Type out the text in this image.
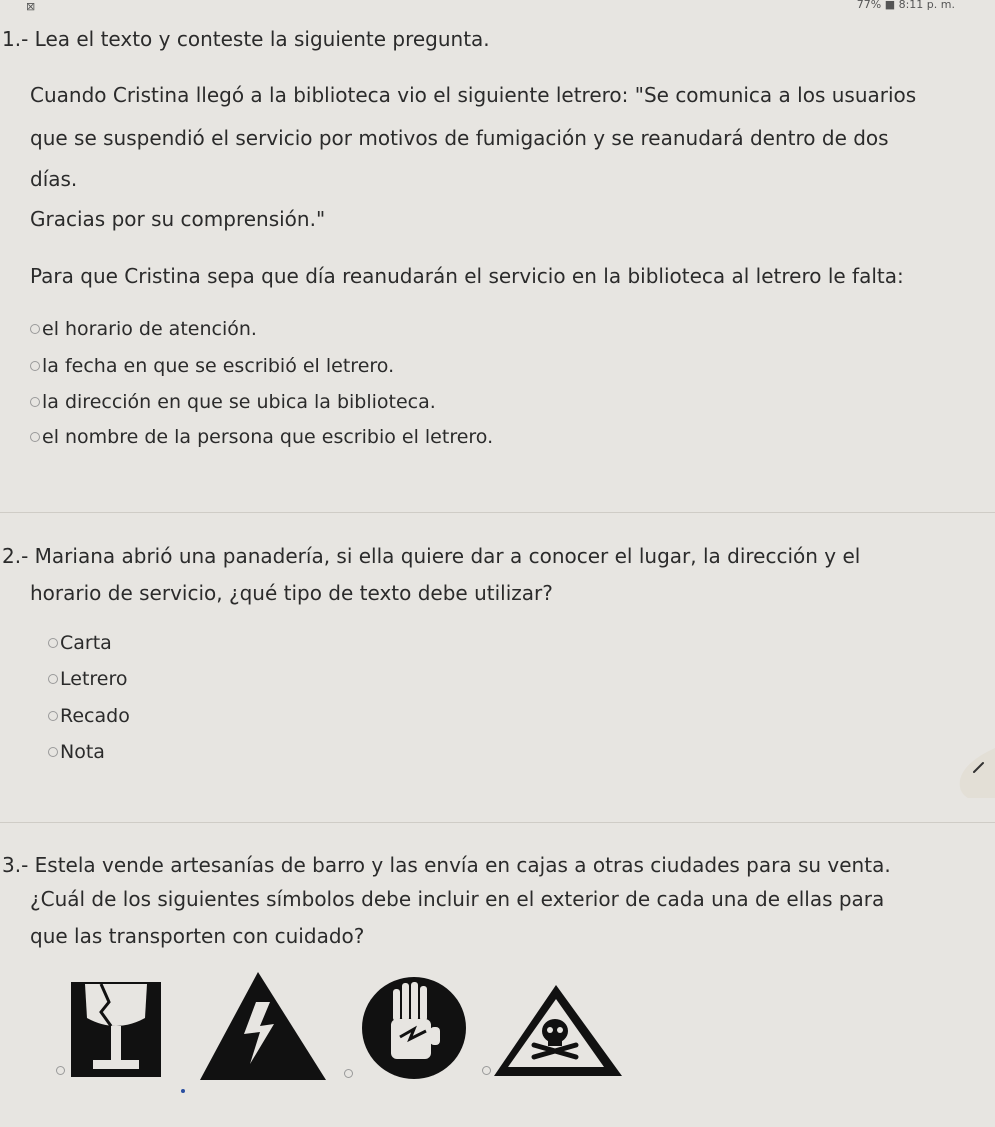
⊠	77% ■ 8:11 p. m.
1.- Lea el texto y conteste la siguiente pregunta.
Cuando Cristina llegó a la biblioteca vio el siguiente letrero: "Se comunica a los usuarios
que se suspendió el servicio por motivos de fumigación y se reanudará dentro de dos
días.
Gracias por su comprensión."
Para que Cristina sepa que día reanudarán el servicio en la biblioteca al letrero le falta:
el horario de atención.
la fecha en que se escribió el letrero.
la dirección en que se ubica la biblioteca.
el nombre de la persona que escribio el letrero.
2.- Mariana abrió una panadería, si ella quiere dar a conocer el lugar, la dirección y el
horario de servicio, ¿qué tipo de texto debe utilizar?
Carta
Letrero
Recado
Nota
3.- Estela vende artesanías de barro y las envía en cajas a otras ciudades para su venta.
¿Cuál de los siguientes símbolos debe incluir en el exterior de cada una de ellas para
que las transporten con cuidado?
